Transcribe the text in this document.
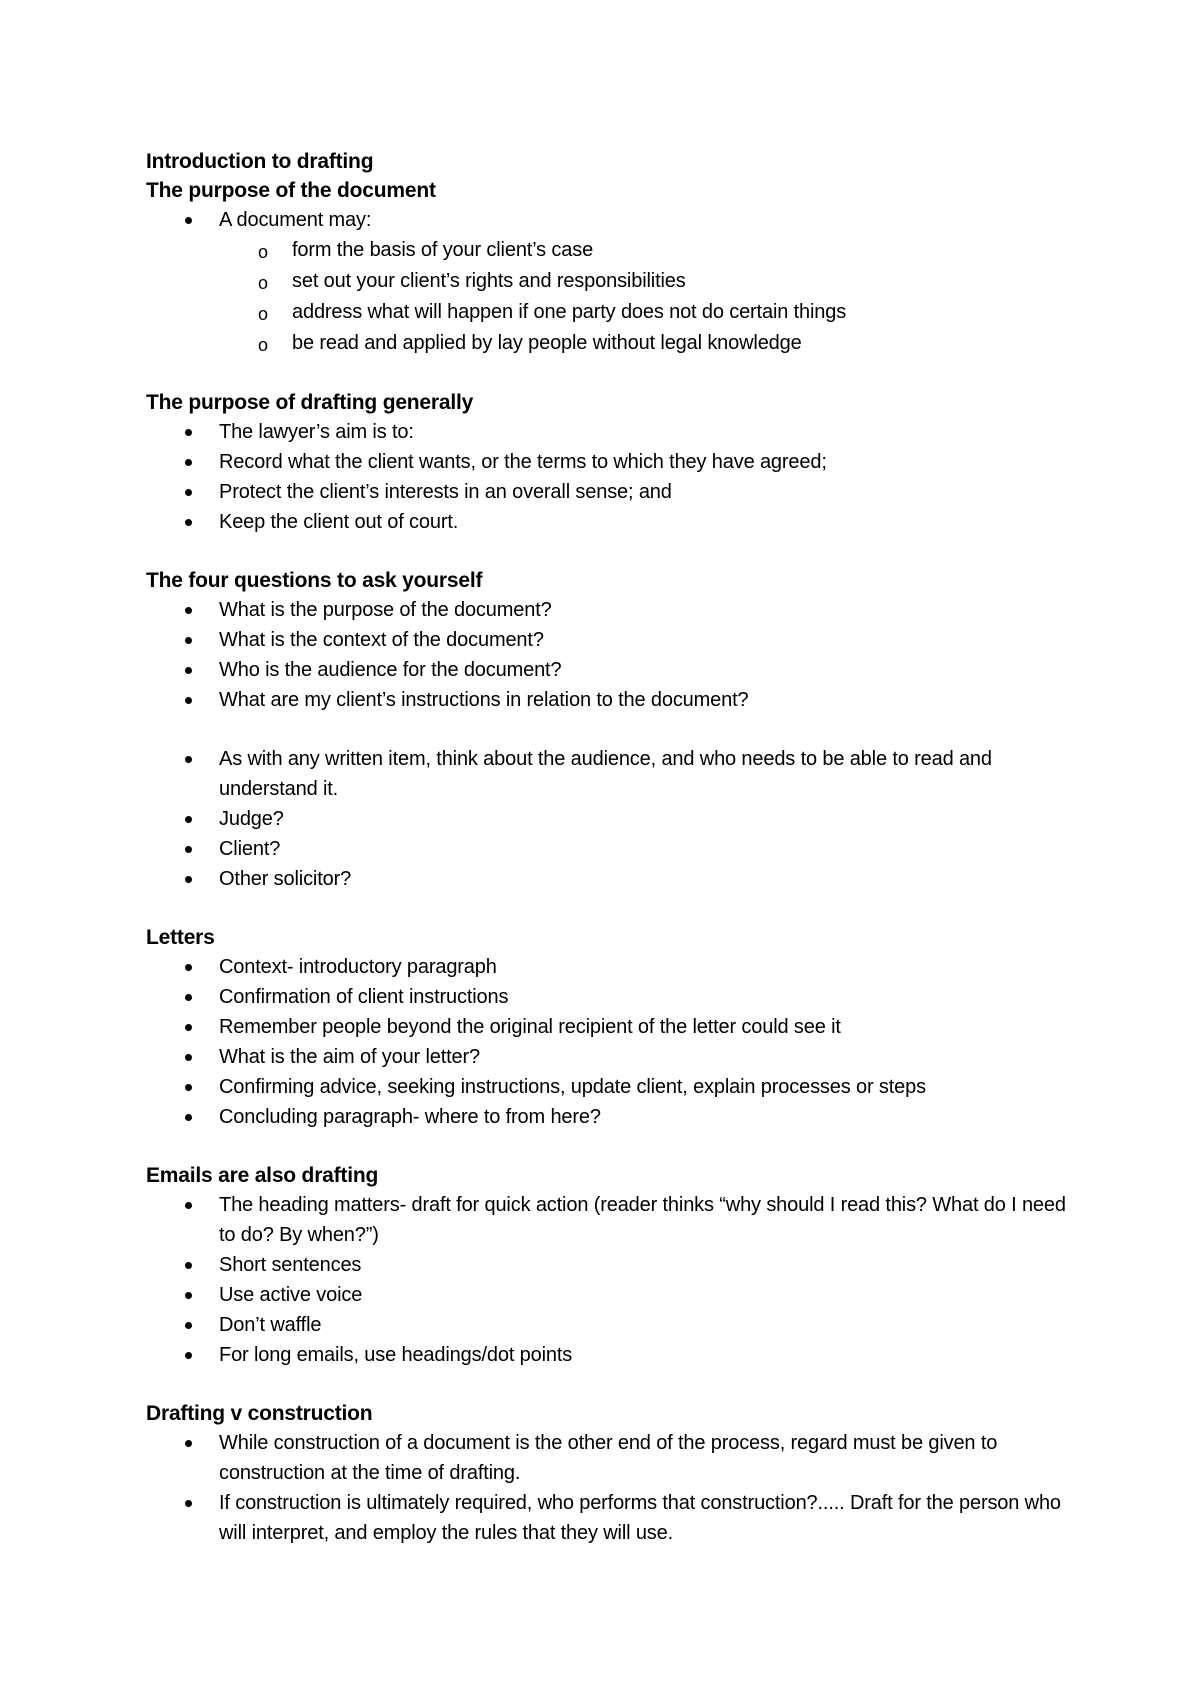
Introduction to drafting
The purpose of the document
A document may:
o form the basis of your client’s case
o set out your client’s rights and responsibilities
o address what will happen if one party does not do certain things
o be read and applied by lay people without legal knowledge
The purpose of drafting generally
The lawyer’s aim is to:
Record what the client wants, or the terms to which they have agreed;
Protect the client’s interests in an overall sense; and
Keep the client out of court.
The four questions to ask yourself
What is the purpose of the document?
What is the context of the document?
Who is the audience for the document?
What are my client’s instructions in relation to the document?
As with any written item, think about the audience, and who needs to be able to read and understand it.
Judge?
Client?
Other solicitor?
Letters
Context- introductory paragraph
Confirmation of client instructions
Remember people beyond the original recipient of the letter could see it
What is the aim of your letter?
Confirming advice, seeking instructions, update client, explain processes or steps
Concluding paragraph- where to from here?
Emails are also drafting
The heading matters- draft for quick action (reader thinks “why should I read this? What do I need to do? By when?”)
Short sentences
Use active voice
Don’t waffle
For long emails, use headings/dot points
Drafting v construction
While construction of a document is the other end of the process, regard must be given to construction at the time of drafting.
If construction is ultimately required, who performs that construction?..... Draft for the person who will interpret, and employ the rules that they will use.
